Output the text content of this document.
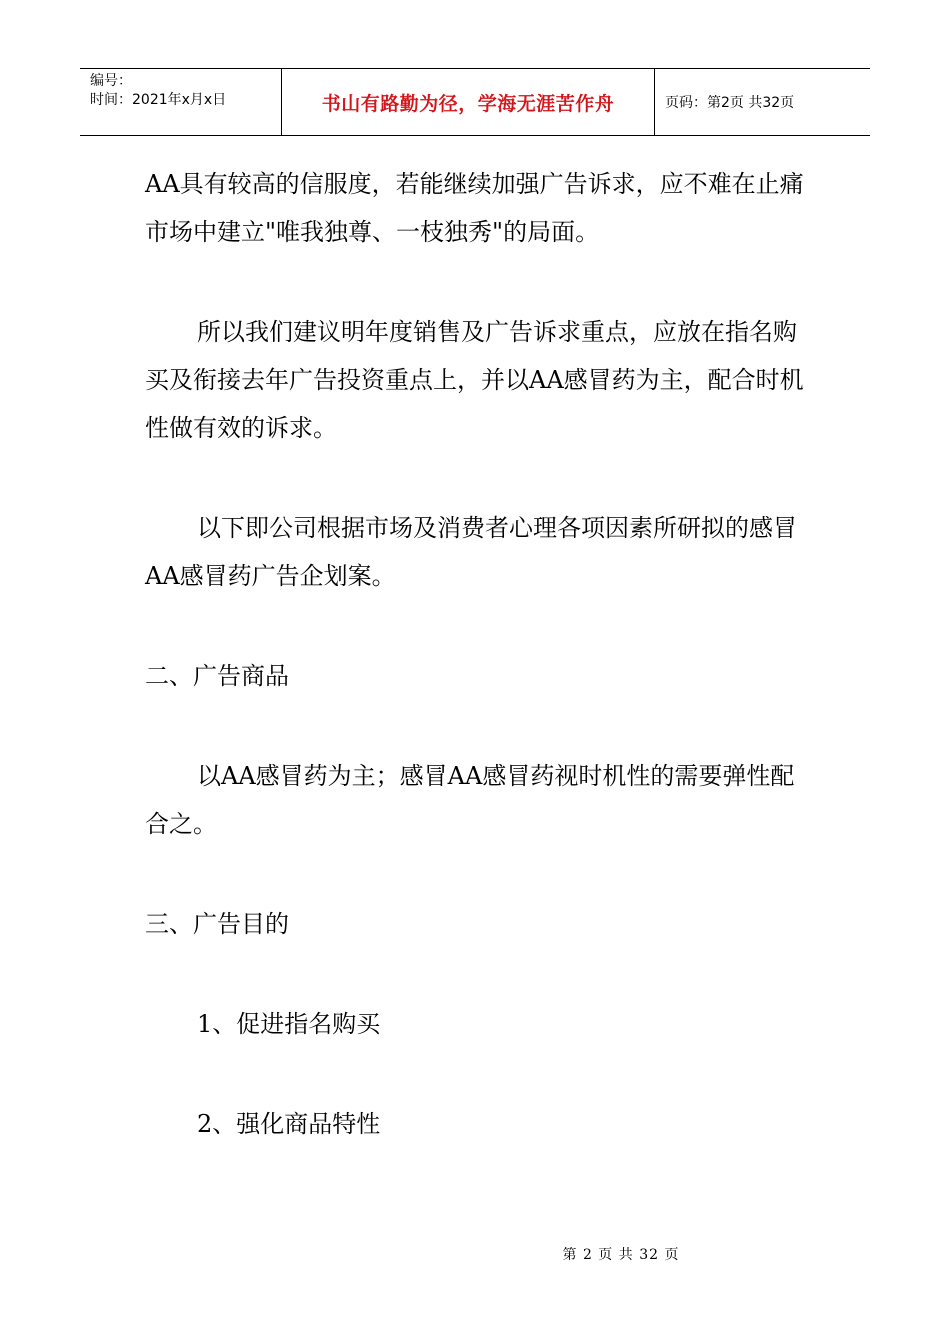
编号：
时间：2021年x月x日	书山有路勤为径，学海无涯苦作舟	页码：第2页 共32页

AA具有较高的信服度，若能继续加强广告诉求，应不难在止痛市场中建立"唯我独尊、一枝独秀"的局面。

所以我们建议明年度销售及广告诉求重点，应放在指名购买及衔接去年广告投资重点上，并以AA感冒药为主，配合时机性做有效的诉求。

以下即公司根据市场及消费者心理各项因素所研拟的感冒AA感冒药广告企划案。

二、广告商品

以AA感冒药为主；感冒AA感冒药视时机性的需要弹性配合之。

三、广告目的

1、促进指名购买

2、强化商品特性

第 2 页 共 32 页
